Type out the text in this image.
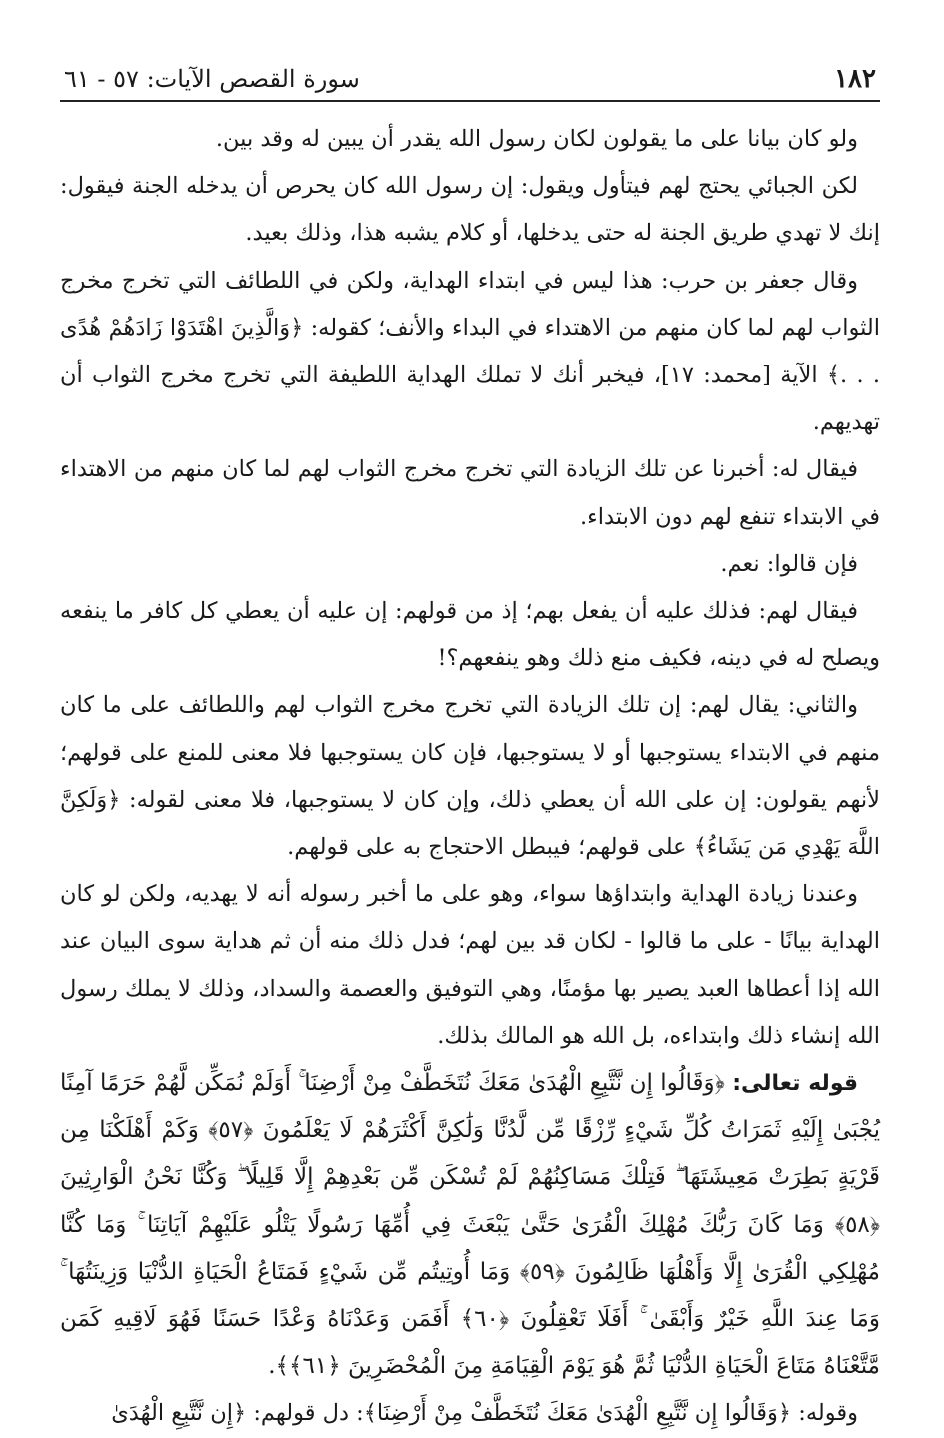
١٨٢
سورة القصص الآيات: ٥٧ - ٦١

ولو كان بيانا على ما يقولون لكان رسول الله يقدر أن يبين له وقد بين.

لكن الجبائي يحتج لهم فيتأول ويقول: إن رسول الله كان يحرص أن يدخله الجنة فيقول: إنك لا تهدي طريق الجنة له حتى يدخلها، أو كلام يشبه هذا، وذلك بعيد.

وقال جعفر بن حرب: هذا ليس في ابتداء الهداية، ولكن في اللطائف التي تخرج مخرج الثواب لهم لما كان منهم من الاهتداء في البداء والأنف؛ كقوله: ﴿وَالَّذِينَ اهْتَدَوْا زَادَهُمْ هُدًى . . .﴾ الآية [محمد: ١٧]، فيخبر أنك لا تملك الهداية اللطيفة التي تخرج مخرج الثواب أن تهديهم.

فيقال له: أخبرنا عن تلك الزيادة التي تخرج مخرج الثواب لهم لما كان منهم من الاهتداء في الابتداء تنفع لهم دون الابتداء.

فإن قالوا: نعم.

فيقال لهم: فذلك عليه أن يفعل بهم؛ إذ من قولهم: إن عليه أن يعطي كل كافر ما ينفعه ويصلح له في دينه، فكيف منع ذلك وهو ينفعهم؟!

والثاني: يقال لهم: إن تلك الزيادة التي تخرج مخرج الثواب لهم واللطائف على ما كان منهم في الابتداء يستوجبها أو لا يستوجبها، فإن كان يستوجبها فلا معنى للمنع على قولهم؛ لأنهم يقولون: إن على الله أن يعطي ذلك، وإن كان لا يستوجبها، فلا معنى لقوله: ﴿وَلَكِنَّ اللَّهَ يَهْدِي مَن يَشَاءُ﴾ على قولهم؛ فيبطل الاحتجاج به على قولهم.

وعندنا زيادة الهداية وابتداؤها سواء، وهو على ما أخبر رسوله أنه لا يهديه، ولكن لو كان الهداية بيانًا - على ما قالوا - لكان قد بين لهم؛ فدل ذلك منه أن ثم هداية سوى البيان عند الله إذا أعطاها العبد يصير بها مؤمنًا، وهي التوفيق والعصمة والسداد، وذلك لا يملك رسول الله إنشاء ذلك وابتداءه، بل الله هو المالك بذلك.

قوله تعالى: ﴿وَقَالُوا إِن نَّتَّبِعِ الْهُدَىٰ مَعَكَ نُتَخَطَّفْ مِنْ أَرْضِنَا ۚ أَوَلَمْ نُمَكِّن لَّهُمْ حَرَمًا آمِنًا يُجْبَىٰ إِلَيْهِ ثَمَرَاتُ كُلِّ شَيْءٍ رِّزْقًا مِّن لَّدُنَّا وَلَٰكِنَّ أَكْثَرَهُمْ لَا يَعْلَمُونَ ﴿٥٧﴾ وَكَمْ أَهْلَكْنَا مِن قَرْيَةٍ بَطِرَتْ مَعِيشَتَهَا ۖ فَتِلْكَ مَسَاكِنُهُمْ لَمْ تُسْكَن مِّن بَعْدِهِمْ إِلَّا قَلِيلًا ۖ وَكُنَّا نَحْنُ الْوَارِثِينَ ﴿٥٨﴾ وَمَا كَانَ رَبُّكَ مُهْلِكَ الْقُرَىٰ حَتَّىٰ يَبْعَثَ فِي أُمِّهَا رَسُولًا يَتْلُو عَلَيْهِمْ آيَاتِنَا ۚ وَمَا كُنَّا مُهْلِكِي الْقُرَىٰ إِلَّا وَأَهْلُهَا ظَالِمُونَ ﴿٥٩﴾ وَمَا أُوتِيتُم مِّن شَيْءٍ فَمَتَاعُ الْحَيَاةِ الدُّنْيَا وَزِينَتُهَا ۚ وَمَا عِندَ اللَّهِ خَيْرٌ وَأَبْقَىٰ ۚ أَفَلَا تَعْقِلُونَ ﴿٦٠﴾ أَفَمَن وَعَدْنَاهُ وَعْدًا حَسَنًا فَهُوَ لَاقِيهِ كَمَن مَّتَّعْنَاهُ مَتَاعَ الْحَيَاةِ الدُّنْيَا ثُمَّ هُوَ يَوْمَ الْقِيَامَةِ مِنَ الْمُحْضَرِينَ ﴿٦١﴾﴾.

وقوله: ﴿وَقَالُوا إِن نَّتَّبِعِ الْهُدَىٰ مَعَكَ نُتَخَطَّفْ مِنْ أَرْضِنَا﴾: دل قولهم: ﴿إِن نَّتَّبِعِ الْهُدَىٰ
